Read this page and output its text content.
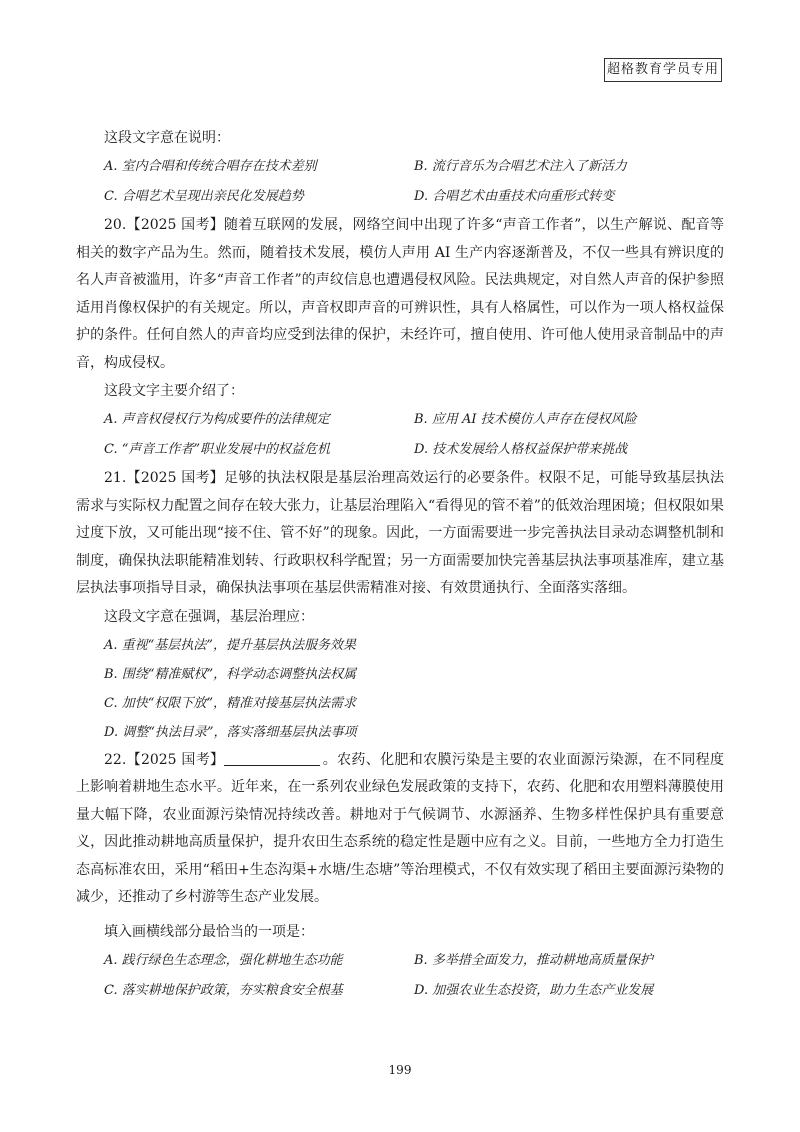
超格教育学员专用

这段文字意在说明：

A. 室内合唱和传统合唱存在技术差别	B. 流行音乐为合唱艺术注入了新活力
C. 合唱艺术呈现出亲民化发展趋势	D. 合唱艺术由重技术向重形式转变

20.【2025 国考】随着互联网的发展，网络空间中出现了许多“声音工作者”，以生产解说、配音等相关的数字产品为生。然而，随着技术发展，模仿人声用 AI 生产内容逐渐普及，不仅一些具有辨识度的名人声音被滥用，许多“声音工作者”的声纹信息也遭遇侵权风险。民法典规定，对自然人声音的保护参照适用肖像权保护的有关规定。所以，声音权即声音的可辨识性，具有人格属性，可以作为一项人格权益保护的条件。任何自然人的声音均应受到法律的保护，未经许可，擅自使用、许可他人使用录音制品中的声音，构成侵权。

这段文字主要介绍了：

A. 声音权侵权行为构成要件的法律规定	B. 应用 AI 技术模仿人声存在侵权风险
C. “声音工作者”职业发展中的权益危机	D. 技术发展给人格权益保护带来挑战

21.【2025 国考】足够的执法权限是基层治理高效运行的必要条件。权限不足，可能导致基层执法需求与实际权力配置之间存在较大张力，让基层治理陷入“看得见的管不着”的低效治理困境；但权限如果过度下放，又可能出现“接不住、管不好”的现象。因此，一方面需要进一步完善执法目录动态调整机制和制度，确保执法职能精准划转、行政职权科学配置；另一方面需要加快完善基层执法事项基准库，建立基层执法事项指导目录，确保执法事项在基层供需精准对接、有效贯通执行、全面落实落细。

这段文字意在强调，基层治理应：

A. 重视“基层执法”，提升基层执法服务效果
B. 围绕“精准赋权”，科学动态调整执法权属
C. 加快“权限下放”，精准对接基层执法需求
D. 调整“执法目录”，落实落细基层执法事项

22.【2025 国考】	。农药、化肥和农膜污染是主要的农业面源污染源，在不同程度上影响着耕地生态水平。近年来，在一系列农业绿色发展政策的支持下，农药、化肥和农用塑料薄膜使用量大幅下降，农业面源污染情况持续改善。耕地对于气候调节、水源涵养、生物多样性保护具有重要意义，因此推动耕地高质量保护，提升农田生态系统的稳定性是题中应有之义。目前，一些地方全力打造生态高标准农田，采用“稻田+生态沟渠+水塘/生态塘”等治理模式，不仅有效实现了稻田主要面源污染物的减少，还推动了乡村游等生态产业发展。

填入画横线部分最恰当的一项是：

A. 践行绿色生态理念，强化耕地生态功能	B. 多举措全面发力，推动耕地高质量保护
C. 落实耕地保护政策，夯实粮食安全根基	D. 加强农业生态投资，助力生态产业发展
199
